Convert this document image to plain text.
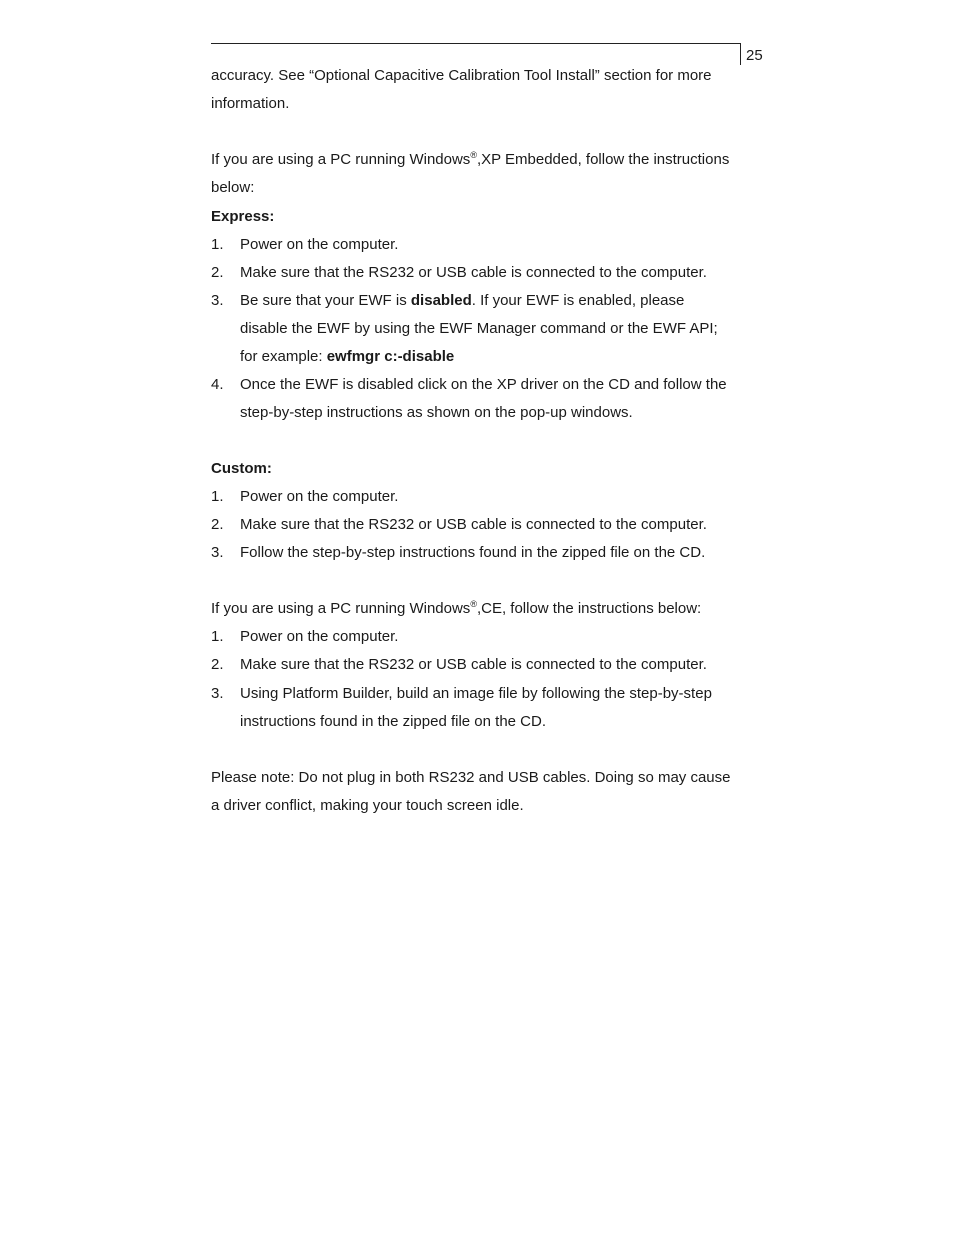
25
accuracy. See “Optional Capacitive Calibration Tool Install” section for more
information.
If you are using a PC running Windows®,XP Embedded, follow the instructions
below:
Express:
1. Power on the computer.
2. Make sure that the RS232 or USB cable is connected to the computer.
3. Be sure that your EWF is disabled. If your EWF is enabled, please
disable the EWF by using the EWF Manager command or the EWF API;
for example: ewfmgr c:-disable
4. Once the EWF is disabled click on the XP driver on the CD and follow the
step-by-step instructions as shown on the pop-up windows.
Custom:
1. Power on the computer.
2. Make sure that the RS232 or USB cable is connected to the computer.
3. Follow the step-by-step instructions found in the zipped file on the CD.
If you are using a PC running Windows®,CE, follow the instructions below:
1. Power on the computer.
2. Make sure that the RS232 or USB cable is connected to the computer.
3. Using Platform Builder, build an image file by following the step-by-step
instructions found in the zipped file on the CD.
Please note: Do not plug in both RS232 and USB cables. Doing so may cause
a driver conflict, making your touch screen idle.
